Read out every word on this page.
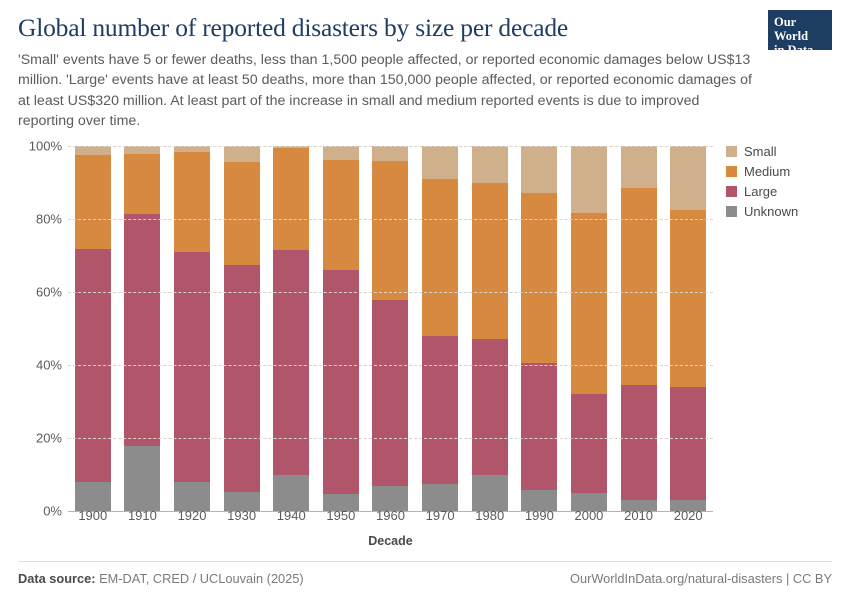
Global number of reported disasters by size per decade

'Small' events have 5 or fewer deaths, less than 1,500 people affected, or reported economic damages below US$13 million. 'Large' events have at least 50 deaths, more than 150,000 people affected, or reported economic damages of at least US$320 million. At least part of the increase in small and medium reported events is due to improved reporting over time.

Our World
in Data
0%
20%
40%
60%
80%
100%
Decade
1900	1910	1920	1930	1940	1950	1960	1970	1980	1990	2000	2010	2020
Small
Medium
Large
Unknown
Data source: EM-DAT, CRED / UCLouvain (2025)	OurWorldInData.org/natural-disasters | CC BY
